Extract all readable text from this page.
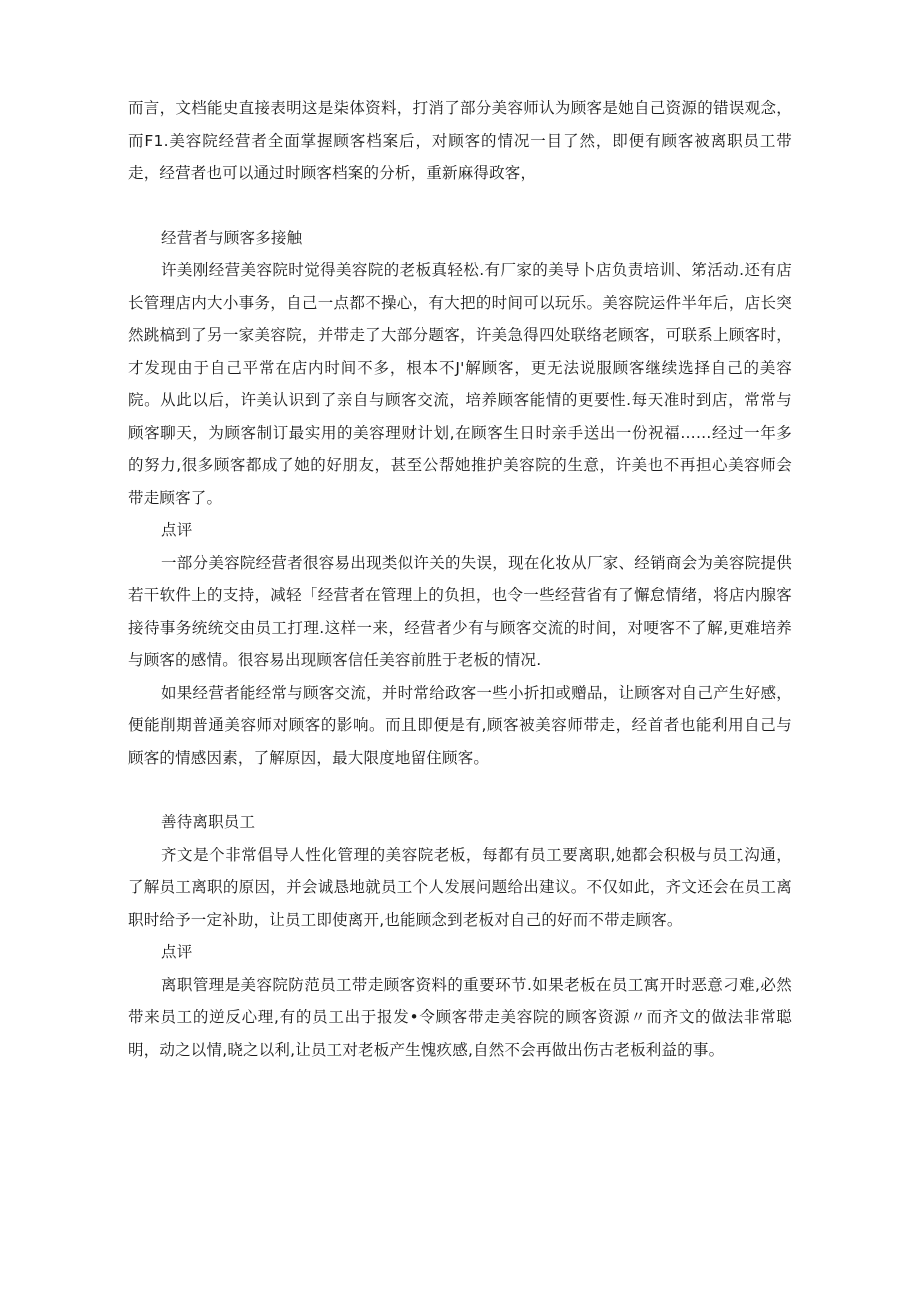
而言，文档能史直接表明这是柒体资料，打消了部分美容师认为顾客是她自己资源的错误观念，而F1.美容院经营者全面掌握顾客档案后，对顾客的情况一目了然，即便有顾客被离职员工带走，经营者也可以通过时顾客档案的分析，重新麻得政客，

经营者与顾客多接触

许美刚经营美容院时觉得美容院的老板真轻松.有厂家的美导卜店负责培训、笫活动.还有店长管理店内大小事务，自己一点都不操心，有大把的时间可以玩乐。美容院运件半年后，店长突然跳槁到了另一家美容院，并带走了大部分题客，许美急得四处联络老顾客，可联系上顾客时，才发现由于自己平常在店内时间不多，根本不J'解顾客，更无法说服顾客继续选择自己的美容院。从此以后，许美认识到了亲自与顾客交流，培养顾客能情的更要性.每天准时到店，常常与顾客聊天，为顾客制订最实用的美容理财计划,在顾客生日时亲手送出一份祝福……经过一年多的努力,很多顾客都成了她的好朋友，甚至公帮她推护美容院的生意，许美也不再担心美容师会带走顾客了。

点评

一部分美容院经营者很容易出现类似许关的失误，现在化妆从厂家、经销商会为美容院提供若干软件上的支持，减轻「经营者在管理上的负担，也令一些经营省有了懈怠情绪，将店内腺客接待事务统统交由员工打理.这样一来，经营者少有与顾客交流的时间，对哽客不了解,更难培养与顾客的感情。很容易出现顾客信任美容前胜于老板的情况.

如果经营者能经常与顾客交流，并时常给政客一些小折扣或赠品，让顾客对自己产生好感，便能削期普通美容师对顾客的影响。而且即便是有,顾客被美容师带走，经首者也能利用自己与顾客的情感因素，了解原因，最大限度地留住顾客。

善待离职员工

齐文是个非常倡导人性化管理的美容院老板，每都有员工要离职,她都会积极与员工沟通，了解员工离职的原因，并会诚恳地就员工个人发展问题给出建议。不仅如此，齐文还会在员工离职时给予一定补助，让员工即使离开,也能顾念到老板对自己的好而不带走顾客。

点评

离职管理是美容院防范员工带走顾客资料的重要环节.如果老板在员工寓开时恶意刁难,必然带来员工的逆反心理,有的员工出于报发•令顾客带走美容院的顾客资源〃而齐文的做法非常聪明，动之以情,晓之以利,让员工对老板产生愧疚感,自然不会再做出伤古老板利益的事。
